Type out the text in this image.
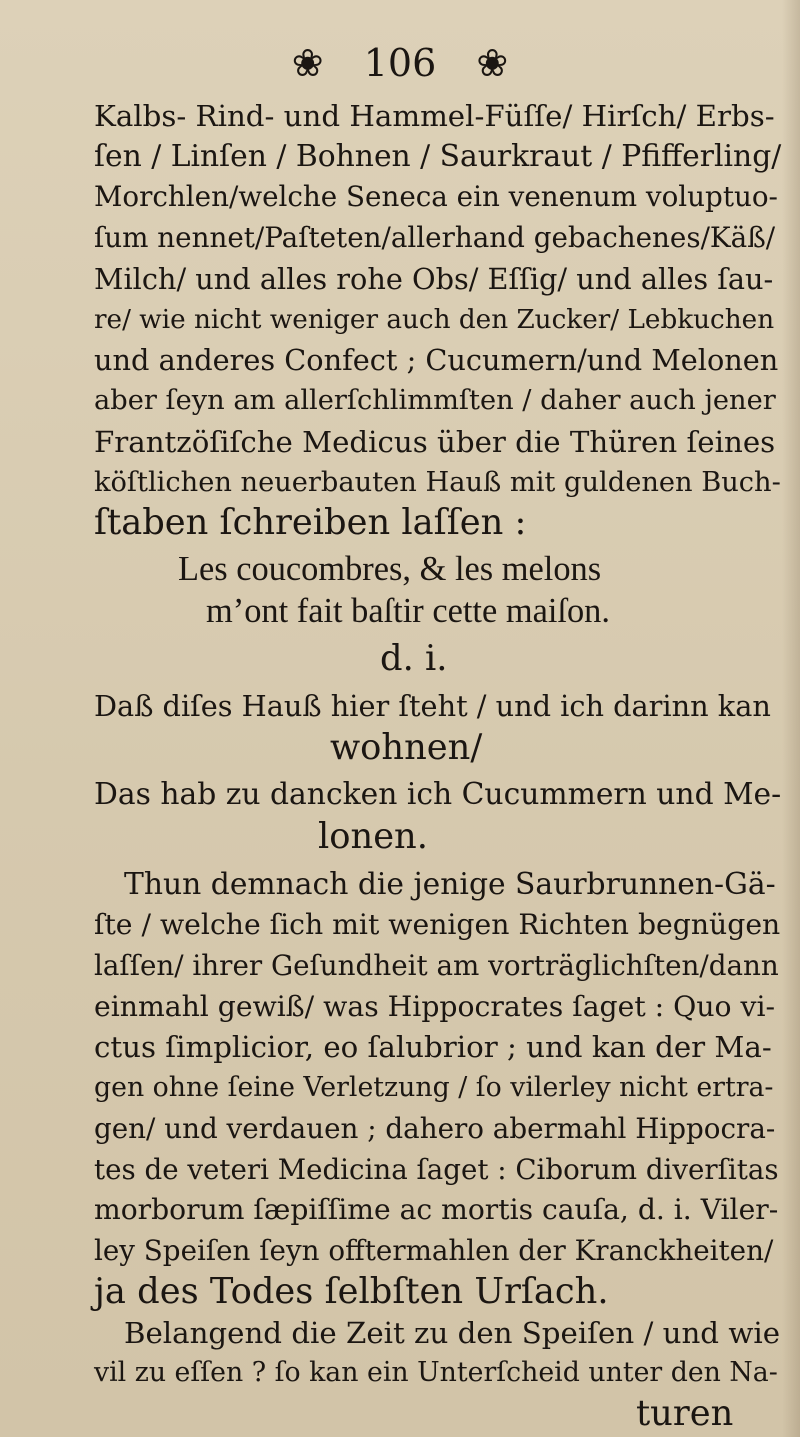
❀ 106 ❀
Kalbs- Rind- und Hammel-Füſſe/ Hirſch/ Erbs-
ſen / Linſen / Bohnen / Saurkraut / Pfifferling/
Morchlen/welche Seneca ein venenum voluptuo-
ſum nennet/Paſteten/allerhand gebachenes/Käß/
Milch/ und alles rohe Obs/ Eſſig/ und alles ſau-
re/ wie nicht weniger auch den Zucker/ Lebkuchen
und anderes Confect ; Cucumern/und Melonen
aber ſeyn am allerſchlimmſten / daher auch jener
Frantzöſiſche Medicus über die Thüren ſeines
köſtlichen neuerbauten Hauß mit guldenen Buch-
ſtaben ſchreiben laſſen :
Les coucombres, & les melons
m’ont fait baſtir cette maiſon.
d. i.
Daß diſes Hauß hier ſteht / und ich darinn kan
wohnen/
Das hab zu dancken ich Cucummern und Me-
lonen.
Thun demnach die jenige Saurbrunnen-Gä-
ſte / welche ſich mit wenigen Richten begnügen
laſſen/ ihrer Geſundheit am vorträglichſten/dann
einmahl gewiß/ was Hippocrates ſaget : Quo vi-
ctus ſimplicior, eo ſalubrior ; und kan der Ma-
gen ohne ſeine Verletzung / ſo vilerley nicht ertra-
gen/ und verdauen ; dahero abermahl Hippocra-
tes de veteri Medicina ſaget : Ciborum diverſitas
morborum ſæpiſſime ac mortis cauſa, d. i. Viler-
ley Speiſen ſeyn offtermahlen der Kranckheiten/
ja des Todes ſelbſten Urſach.
Belangend die Zeit zu den Speiſen / und wie
vil zu eſſen ? ſo kan ein Unterſcheid unter den Na-
turen
